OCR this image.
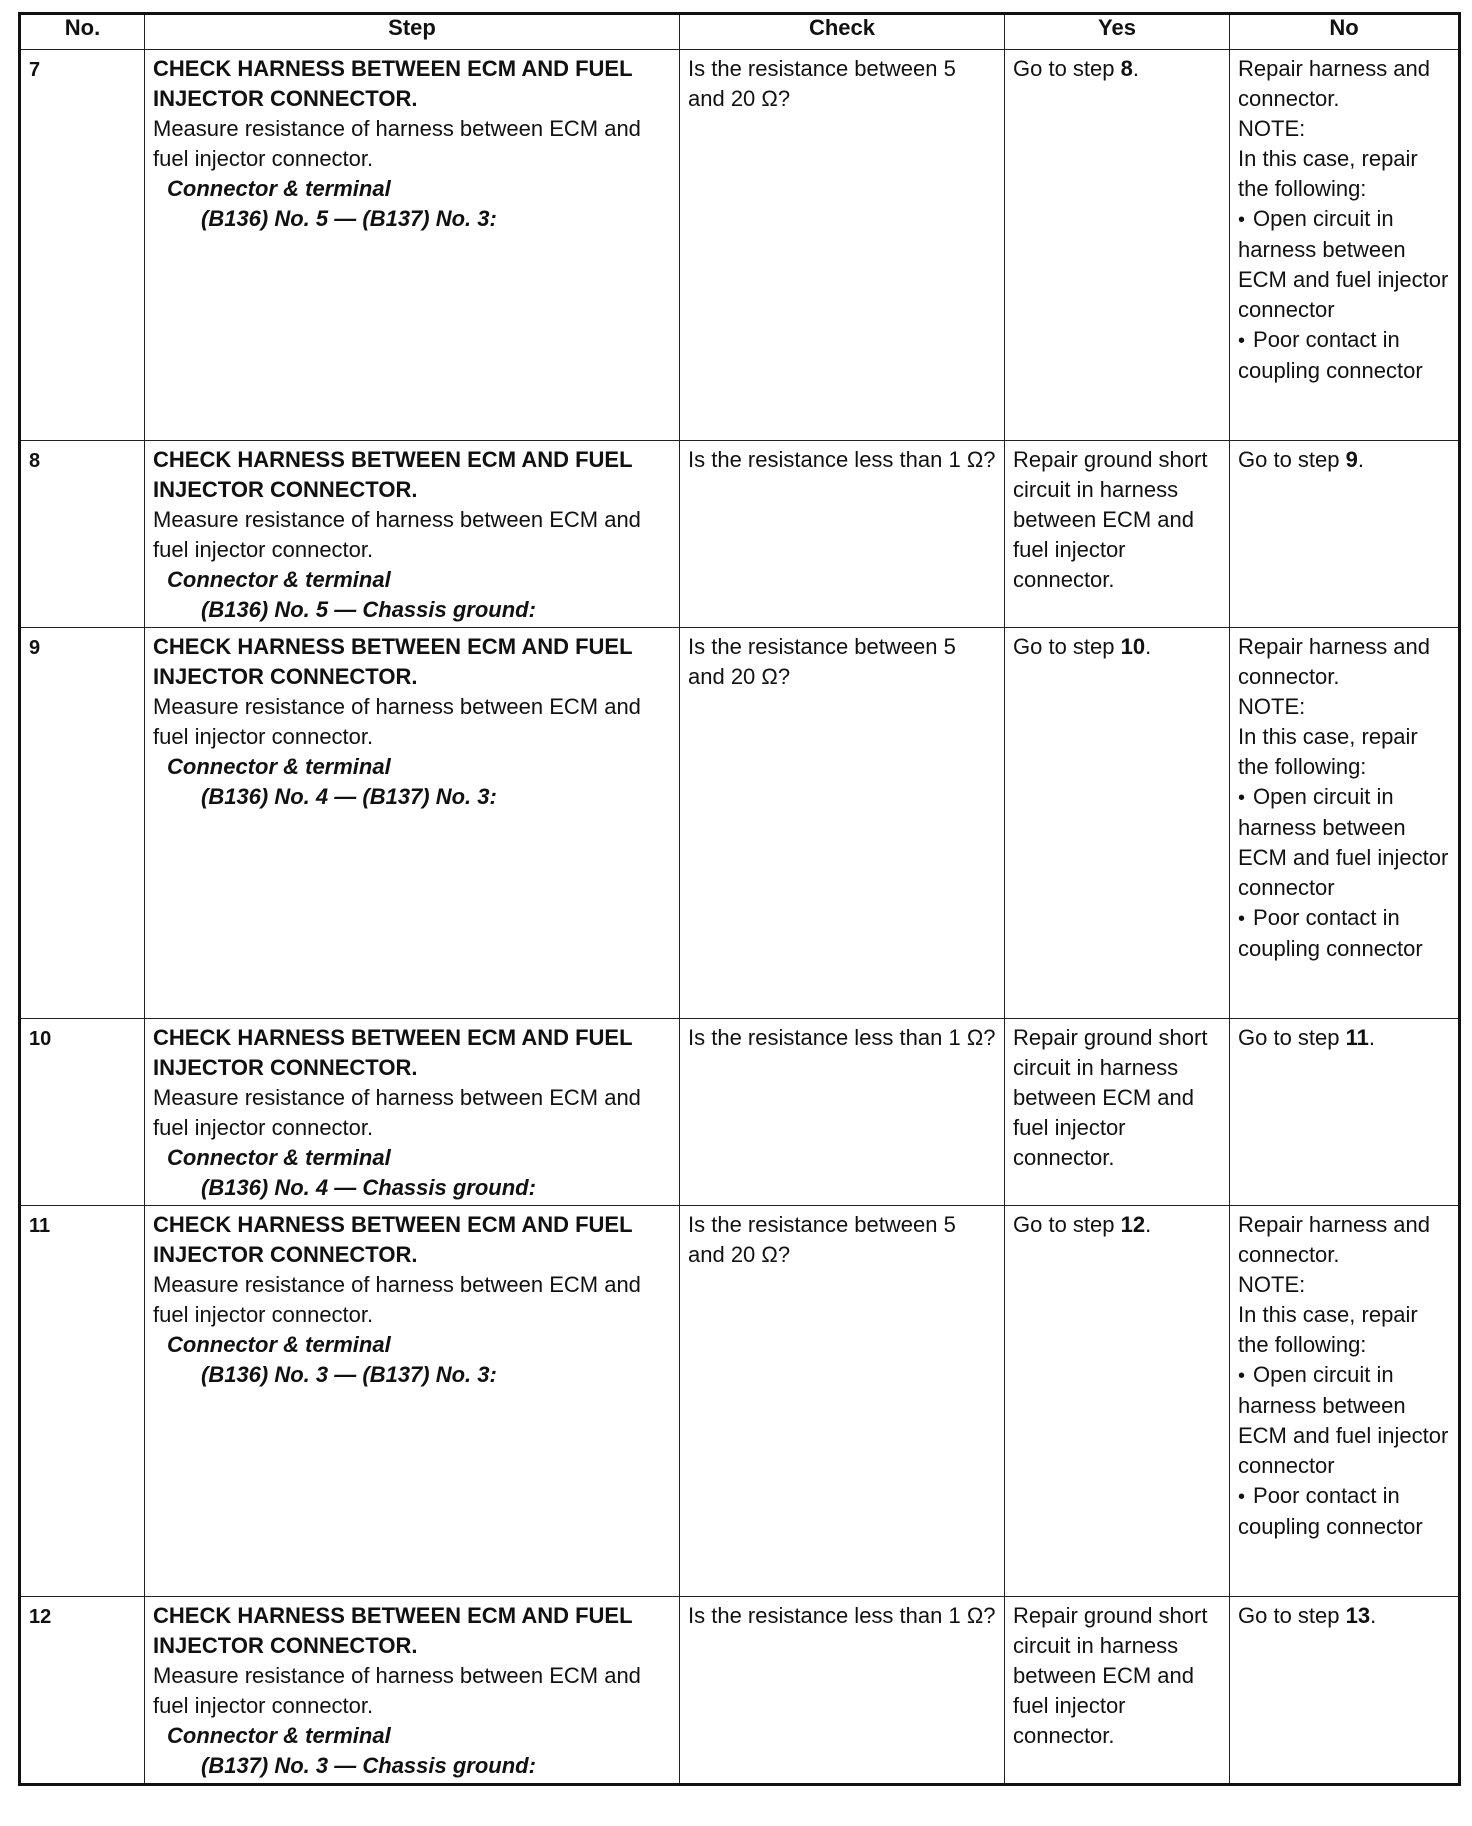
No.	Step	Check	Yes	No
7	CHECK HARNESS BETWEEN ECM AND FUEL INJECTOR CONNECTOR.
Measure resistance of harness between ECM and fuel injector connector.
Connector & terminal
(B136) No. 5 — (B137) No. 3:	Is the resistance between 5 and 20 Ω?	Go to step 8.	Repair harness and connector.
NOTE:
In this case, repair the following:
• Open circuit in harness between ECM and fuel injector connector
• Poor contact in coupling connector

8	CHECK HARNESS BETWEEN ECM AND FUEL INJECTOR CONNECTOR.
Measure resistance of harness between ECM and fuel injector connector.
Connector & terminal
(B136) No. 5 — Chassis ground:	Is the resistance less than 1 Ω?	Repair ground short circuit in harness between ECM and fuel injector connector.	Go to step 9.
9	CHECK HARNESS BETWEEN ECM AND FUEL INJECTOR CONNECTOR.
Measure resistance of harness between ECM and fuel injector connector.
Connector & terminal
(B136) No. 4 — (B137) No. 3:	Is the resistance between 5 and 20 Ω?	Go to step 10.	Repair harness and connector.
NOTE:
In this case, repair the following:
• Open circuit in harness between ECM and fuel injector connector
• Poor contact in coupling connector

10	CHECK HARNESS BETWEEN ECM AND FUEL INJECTOR CONNECTOR.
Measure resistance of harness between ECM and fuel injector connector.
Connector & terminal
(B136) No. 4 — Chassis ground:	Is the resistance less than 1 Ω?	Repair ground short circuit in harness between ECM and fuel injector connector.	Go to step 11.
11	CHECK HARNESS BETWEEN ECM AND FUEL INJECTOR CONNECTOR.
Measure resistance of harness between ECM and fuel injector connector.
Connector & terminal
(B136) No. 3 — (B137) No. 3:	Is the resistance between 5 and 20 Ω?	Go to step 12.	Repair harness and connector.
NOTE:
In this case, repair the following:
• Open circuit in harness between ECM and fuel injector connector
• Poor contact in coupling connector

12	CHECK HARNESS BETWEEN ECM AND FUEL INJECTOR CONNECTOR.
Measure resistance of harness between ECM and fuel injector connector.
Connector & terminal
(B137) No. 3 — Chassis ground:	Is the resistance less than 1 Ω?	Repair ground short circuit in harness between ECM and fuel injector connector.	Go to step 13.
